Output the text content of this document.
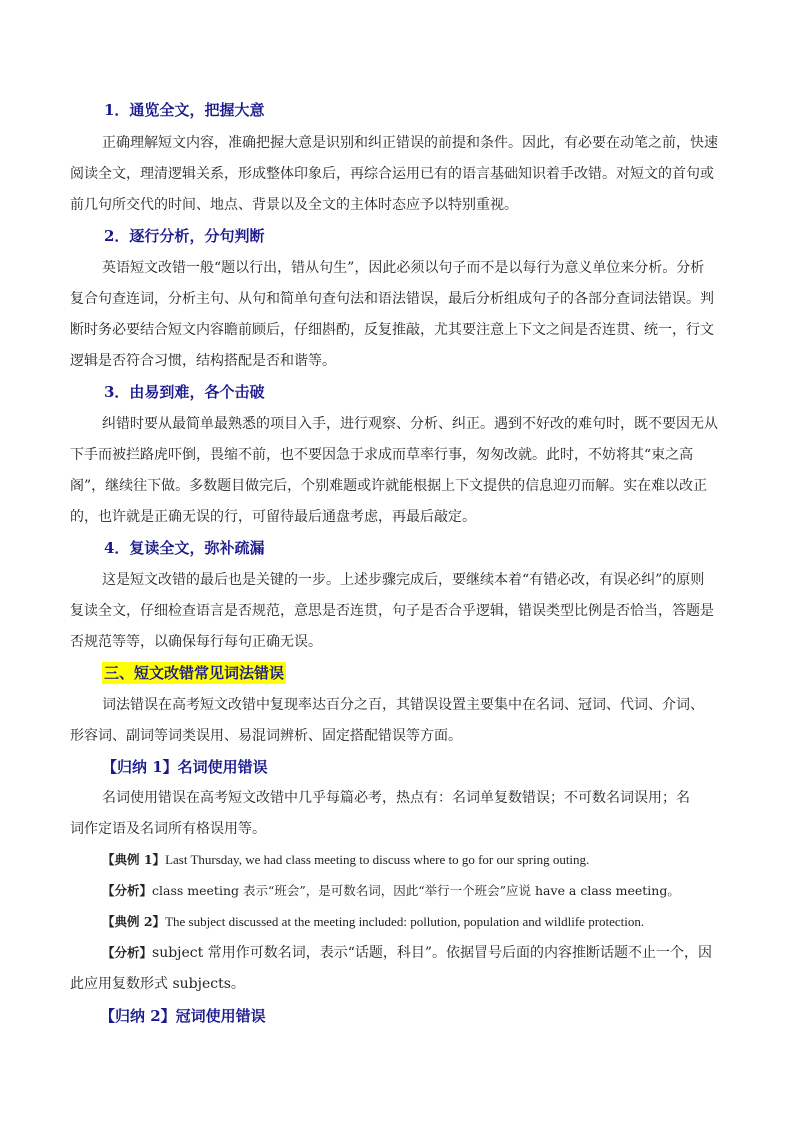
1．通览全文，把握大意
正确理解短文内容，准确把握大意是识别和纠正错误的前提和条件。因此，有必要在动笔之前，快速
阅读全文，理清逻辑关系，形成整体印象后，再综合运用已有的语言基础知识着手改错。对短文的首句或
前几句所交代的时间、地点、背景以及全文的主体时态应予以特别重视。
2．逐行分析，分句判断
英语短文改错一般“题以行出，错从句生”，因此必须以句子而不是以每行为意义单位来分析。分析
复合句查连词，分析主句、从句和简单句查句法和语法错误，最后分析组成句子的各部分查词法错误。判
断时务必要结合短文内容瞻前顾后，仔细斟酌，反复推敲，尤其要注意上下文之间是否连贯、统一，行文
逻辑是否符合习惯，结构搭配是否和谐等。
3．由易到难，各个击破
纠错时要从最简单最熟悉的项目入手，进行观察、分析、纠正。遇到不好改的难句时，既不要因无从
下手而被拦路虎吓倒，畏缩不前，也不要因急于求成而草率行事，匆匆改就。此时，不妨将其“束之高
阁”，继续往下做。多数题目做完后，个别难题或许就能根据上下文提供的信息迎刃而解。实在难以改正
的，也许就是正确无误的行，可留待最后通盘考虑，再最后敲定。
4．复读全文，弥补疏漏
这是短文改错的最后也是关键的一步。上述步骤完成后，要继续本着“有错必改，有误必纠”的原则
复读全文，仔细检查语言是否规范，意思是否连贯，句子是否合乎逻辑，错误类型比例是否恰当，答题是
否规范等等，以确保每行每句正确无误。
三、短文改错常见词法错误
词法错误在高考短文改错中复现率达百分之百，其错误设置主要集中在名词、冠词、代词、介词、
形容词、副词等词类误用、易混词辨析、固定搭配错误等方面。
【归纳 1】名词使用错误
名词使用错误在高考短文改错中几乎每篇必考，热点有：名词单复数错误；不可数名词误用；名
词作定语及名词所有格误用等。
【典例 1】Last Thursday, we had class meeting to discuss where to go for our spring outing.
【分析】class meeting 表示“班会”，是可数名词，因此“举行一个班会”应说 have a class meeting。
【典例 2】The subject discussed at the meeting included: pollution, population and wildlife protection.
【分析】subject 常用作可数名词，表示“话题，科目”。依据冒号后面的内容推断话题不止一个，因
此应用复数形式 subjects。
【归纳 2】冠词使用错误
